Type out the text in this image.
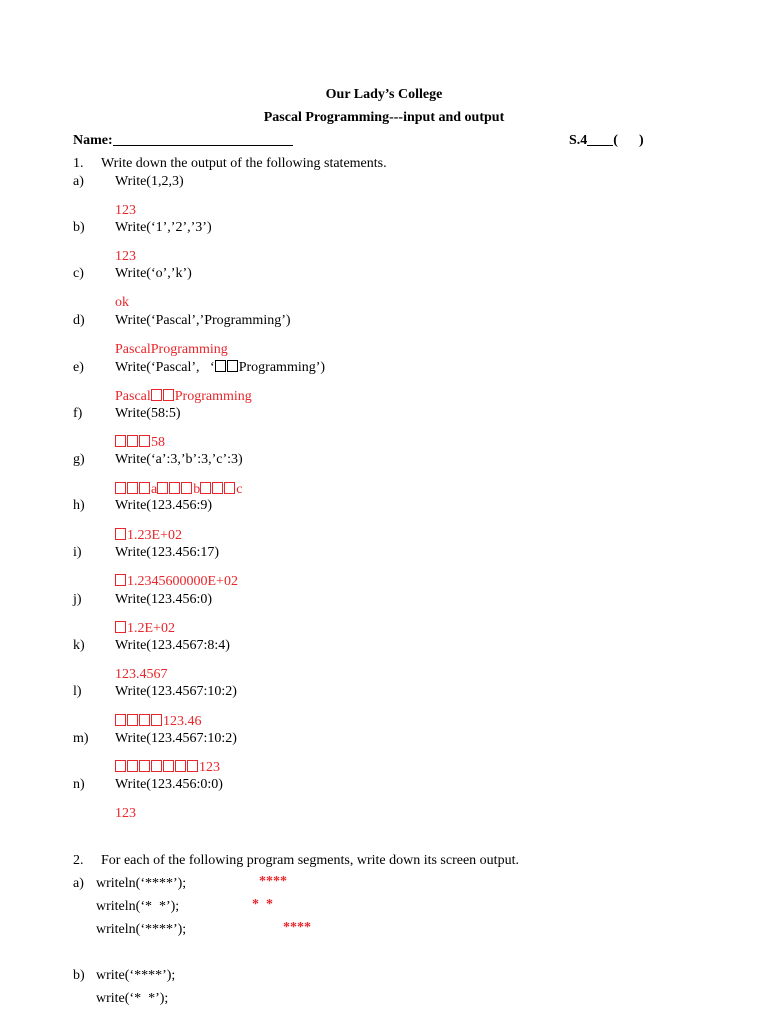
Our Lady’s College
Pascal Programming---input and output
Name:	S.4 (      )
1. Write down the output of the following statements.
a) Write(1,2,3)
123
b) Write(‘1’,’2’,’3’)
123
c) Write(‘o’,’k’)
ok
d) Write(‘Pascal’,’Programming’)
PascalProgramming
e) Write(‘Pascal’,   ‘ Programming’)
Pascal Programming
f) Write(58:5)
58
g) Write(‘a’:3,’b’:3,’c’:3)
a	b	c
h) Write(123.456:9)
1.23E+02
i) Write(123.456:17)
1.2345600000E+02
j) Write(123.456:0)
1.2E+02
k) Write(123.4567:8:4)
123.4567
l) Write(123.4567:10:2)
123.46
m) Write(123.4567:10:2)
123
n) Write(123.456:0:0)
123
2. For each of the following program segments, write down its screen output.
a) writeln(‘****’);	****
writeln(‘*  *’);	*  *
writeln(‘****’);	****
b) write(‘****’);
write(‘*  *’);
